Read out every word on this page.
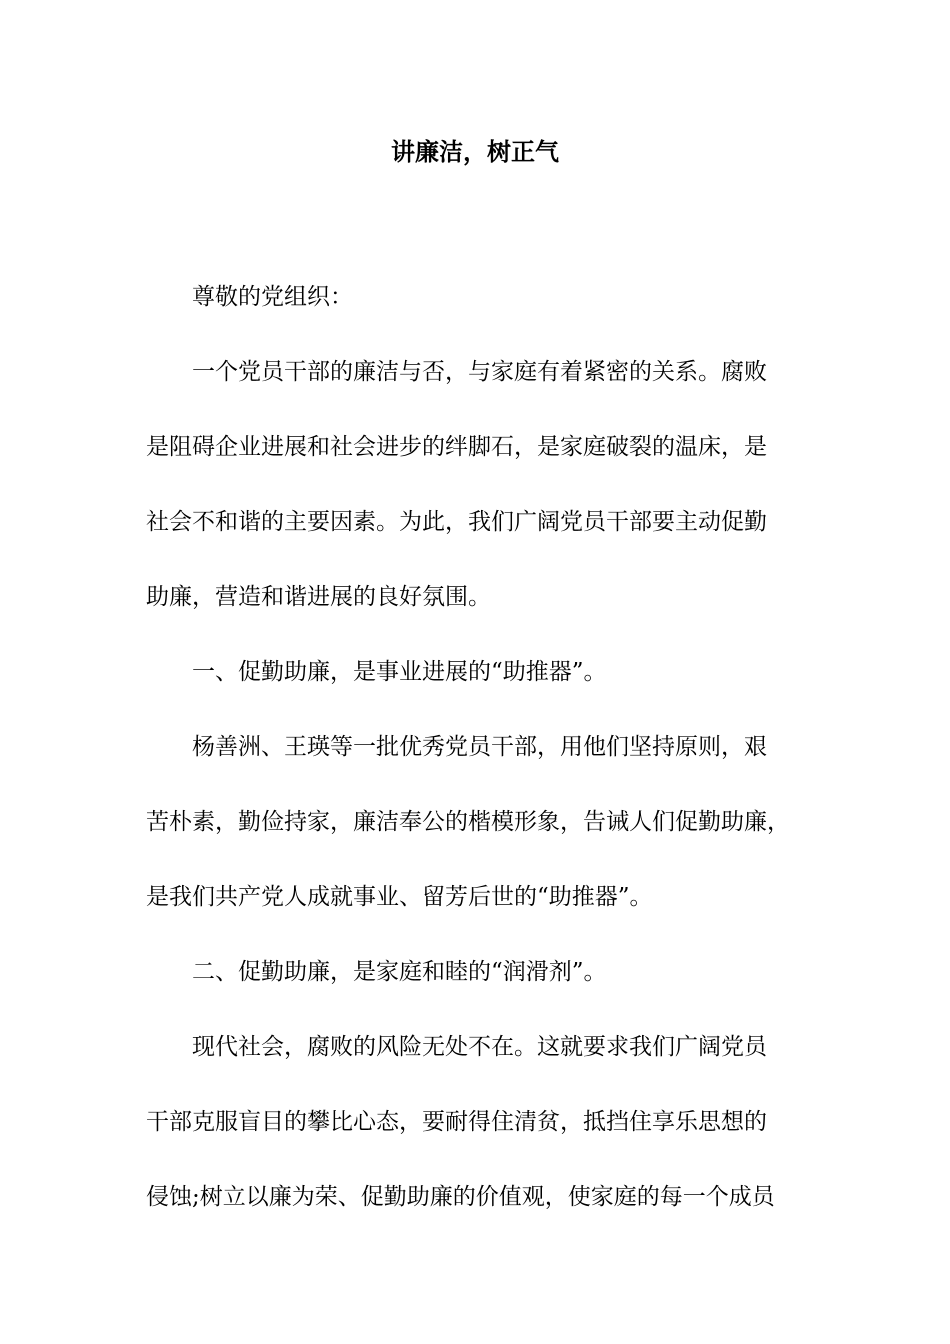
讲廉洁，树正气
尊敬的党组织：
一个党员干部的廉洁与否，与家庭有着紧密的关系。腐败
是阻碍企业进展和社会进步的绊脚石，是家庭破裂的温床，是
社会不和谐的主要因素。为此，我们广阔党员干部要主动促勤
助廉，营造和谐进展的良好氛围。
一、促勤助廉，是事业进展的“助推器”。
杨善洲、王瑛等一批优秀党员干部，用他们坚持原则，艰
苦朴素，勤俭持家，廉洁奉公的楷模形象，告诫人们促勤助廉，
是我们共产党人成就事业、留芳后世的“助推器”。
二、促勤助廉，是家庭和睦的“润滑剂”。
现代社会，腐败的风险无处不在。这就要求我们广阔党员
干部克服盲目的攀比心态，要耐得住清贫，抵挡住享乐思想的
侵蚀;树立以廉为荣、促勤助廉的价值观，使家庭的每一个成员
